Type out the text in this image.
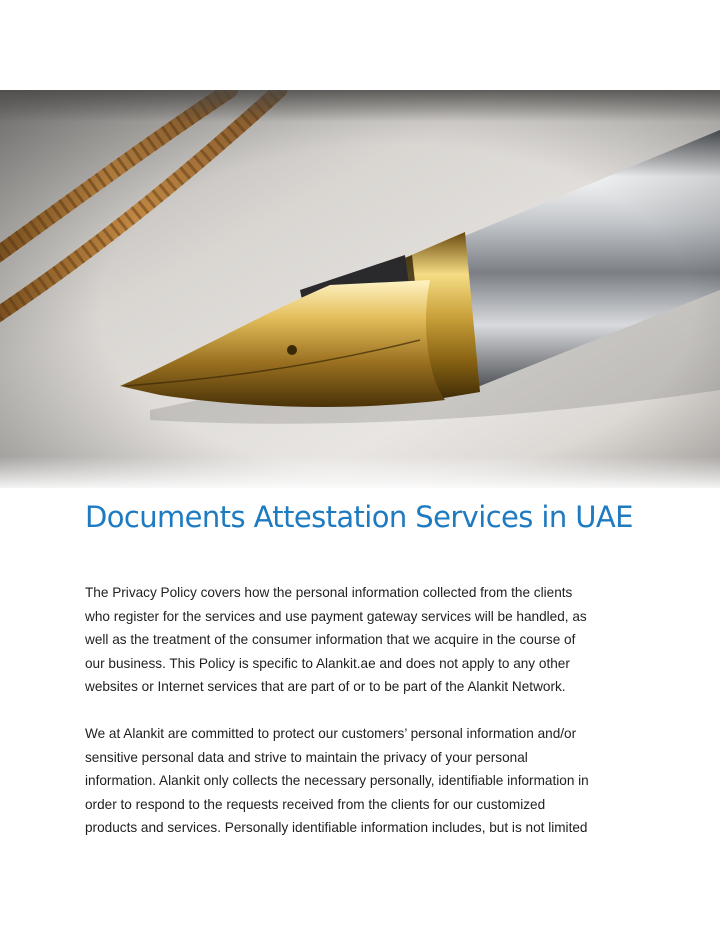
Documents Attestation Services in UAE

The Privacy Policy covers how the personal information collected from the clients
who register for the services and use payment gateway services will be handled, as
well as the treatment of the consumer information that we acquire in the course of
our business. This Policy is specific to Alankit.ae and does not apply to any other
websites or Internet services that are part of or to be part of the Alankit Network.

We at Alankit are committed to protect our customers’ personal information and/or
sensitive personal data and strive to maintain the privacy of your personal
information. Alankit only collects the necessary personally, identifiable information in
order to respond to the requests received from the clients for our customized
products and services. Personally identifiable information includes, but is not limited
